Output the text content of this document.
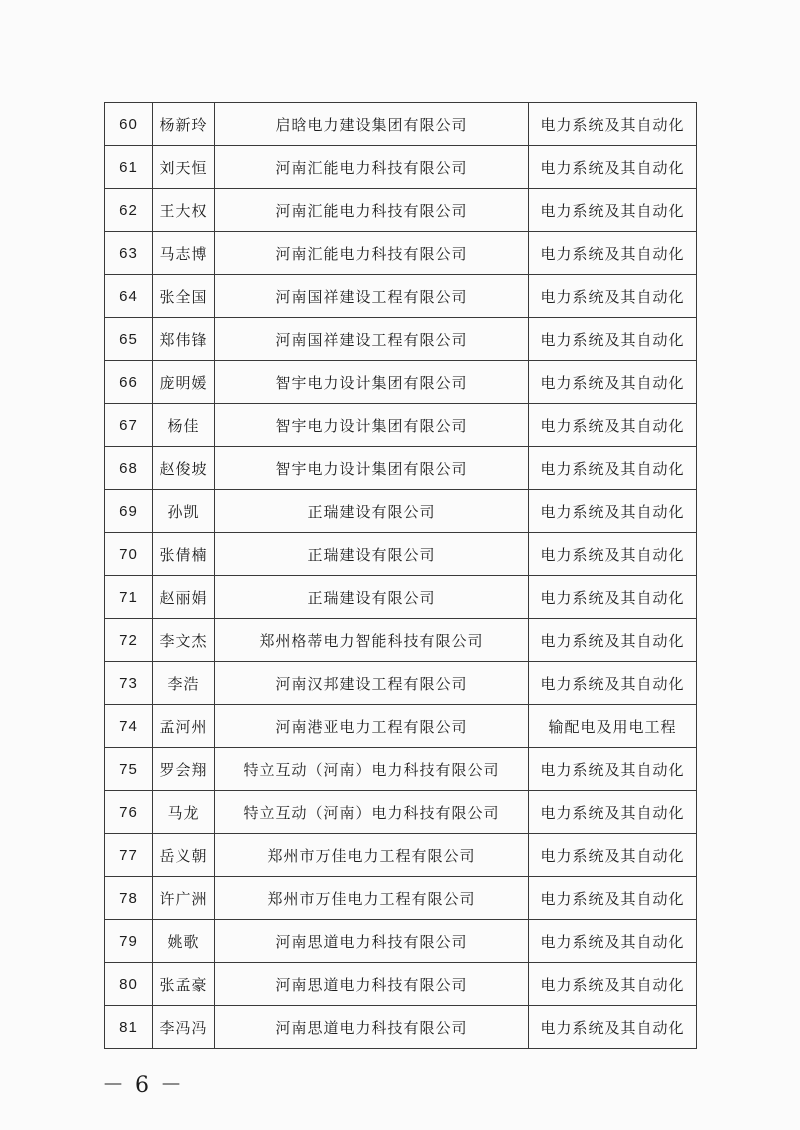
60	杨新玲	启晗电力建设集团有限公司	电力系统及其自动化
61	刘天恒	河南汇能电力科技有限公司	电力系统及其自动化
62	王大权	河南汇能电力科技有限公司	电力系统及其自动化
63	马志博	河南汇能电力科技有限公司	电力系统及其自动化
64	张全国	河南国祥建设工程有限公司	电力系统及其自动化
65	郑伟锋	河南国祥建设工程有限公司	电力系统及其自动化
66	庞明媛	智宇电力设计集团有限公司	电力系统及其自动化
67	杨佳	智宇电力设计集团有限公司	电力系统及其自动化
68	赵俊坡	智宇电力设计集团有限公司	电力系统及其自动化
69	孙凯	正瑞建设有限公司	电力系统及其自动化
70	张倩楠	正瑞建设有限公司	电力系统及其自动化
71	赵丽娟	正瑞建设有限公司	电力系统及其自动化
72	李文杰	郑州格蒂电力智能科技有限公司	电力系统及其自动化
73	李浩	河南汉邦建设工程有限公司	电力系统及其自动化
74	孟河州	河南港亚电力工程有限公司	输配电及用电工程
75	罗会翔	特立互动（河南）电力科技有限公司	电力系统及其自动化
76	马龙	特立互动（河南）电力科技有限公司	电力系统及其自动化
77	岳义朝	郑州市万佳电力工程有限公司	电力系统及其自动化
78	许广洲	郑州市万佳电力工程有限公司	电力系统及其自动化
79	姚歌	河南思道电力科技有限公司	电力系统及其自动化
80	张孟豪	河南思道电力科技有限公司	电力系统及其自动化
81	李冯冯	河南思道电力科技有限公司	电力系统及其自动化
－ 6 －
